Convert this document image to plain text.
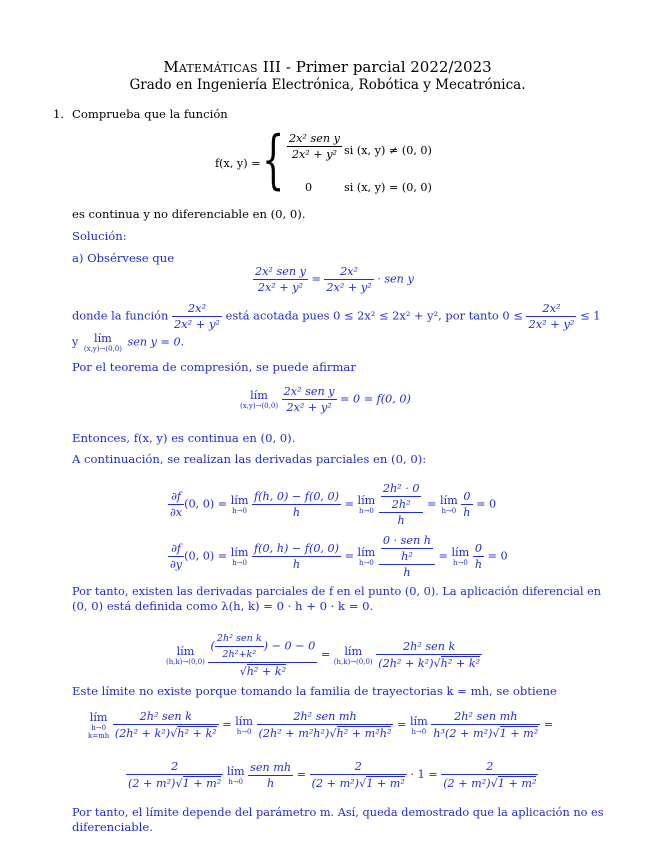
Matemáticas III - Primer parcial 2022/2023
Grado en Ingeniería Electrónica, Robótica y Mecatrónica.
1. Comprueba que la función
f(x, y) = { 2x² sen y
2x² + y² si (x, y) ≠ (0, 0)
0	si (x, y) = (0, 0)
es continua y no diferenciable en (0, 0).
Solución:
a) Obsérvese que
2x² sen y
2x² + y²
= $\frac{\text{2x²}}{\text{2x² + y²}}$ · sen y
donde la función $\frac{\text{2x²}}{\text{2x² + y²}}$ está acotada pues 0 ≤ 2x² ≤ 2x² + y², por tanto $0 \le \frac{\text{2x²}}{\text{2x² + y²}} \le 1$
y	lím
(x,y)→(0,0)
sen y = 0.
Por el teorema de compresión, se puede afirmar
lím
(x,y)→(0,0)

2x² sen y
2x² + y²
= 0 = f(0, 0)
Entonces, f(x, y) es continua en (0, 0).
A continuación, se realizan las derivadas parciales en (0, 0):
$\frac{\partial f}{\partial x} (0$, 0) = lím
h→0
$\frac{f(h, 0) - f(0, 0)}{h}$ = lím
h→0
$\frac{\frac{\text{2h² · 0}}{\text{2h²}}}{h}$ = lím
h→0
$\frac{0}{h} = 0$
$\frac{\partial f}{\partial y} (0$, 0) = lím
h→0
$\frac{f(0, h) - f(0, 0)}{h}$ = lím
h→0

0 · sen h
h²
h
= lím
h→0
$\frac{0}{h} = 0$
Por tanto, existen las derivadas parciales de f en el punto (0, 0). La aplicación diferencial en
(0, 0) está definida como λ(h, k) = 0 · h + 0 · k = 0.
lím
(h,k)→(0,0)

(
2h² sen k
2h²+k²
) − 0 − 0
√h² + k²
=	lím
(h,k)→(0,0)

2h² sen k
(2h² + k²)√h² + k²
Este límite no existe porque tomando la familia de trayectorias k = mh, se obtiene
lím
h→0
k=mh

2h² sen k
(2h² + k²)√h² + k²
= lím
h→0

2h² sen mh
(2h² + m²h²)√h² + m²h²
= lím
h→0

2h² sen mh
h³(2 + m²)√1 + m²
=
$\frac{2}{\text{(2 + m²)√1 + m²}}$
lím
h→0

sen mh
h
= $\frac{2}{\text{(2 + m²)√1 + m²}} \cdot 1 = \frac{2}{\text{(2 + m²)√1 + m²}}$
Por tanto, el límite depende del parámetro m. Así, queda demostrado que la aplicación no es
diferenciable.
